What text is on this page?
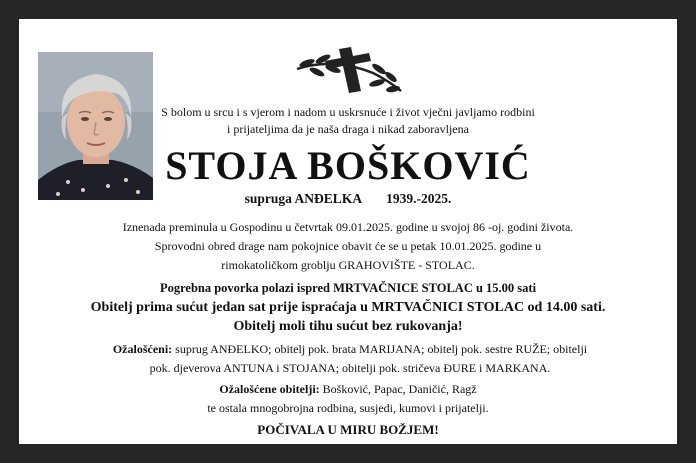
S bolom u srcu i s vjerom i nadom u uskrsnuće i život vječni javljamo rodbini
i prijateljima da je naša draga i nikad zaboravljena
STOJA BOŠKOVIĆ
supruga ANĐELKA 1939.-2025.
Iznenada preminula u Gospodinu u četvrtak 09.01.2025. godine u svojoj 86 -oj. godini života.
Sprovodni obred drage nam pokojnice obavit će se u petak 10.01.2025. godine u
rimokatoličkom groblju GRAHOVIŠTE - STOLAC.
Pogrebna povorka polazi ispred MRTVAČNICE STOLAC u 15.00 sati
Obitelj prima sućut jedan sat prije ispraćaja u MRTVAČNICI STOLAC od 14.00 sati.
Obitelj moli tihu sućut bez rukovanja!
Ožalošćeni: suprug ANĐELKO; obitelj pok. brata MARIJANA; obitelj pok. sestre RUŽE; obitelji
pok. djeverova ANTUNA i STOJANA; obitelji pok. stričeva ĐURE i MARKANA.
Ožalošćene obitelji: Bošković, Papac, Daničić, Ragž
te ostala mnogobrojna rodbina, susjedi, kumovi i prijatelji.
POČIVALA U MIRU BOŽJEM!
